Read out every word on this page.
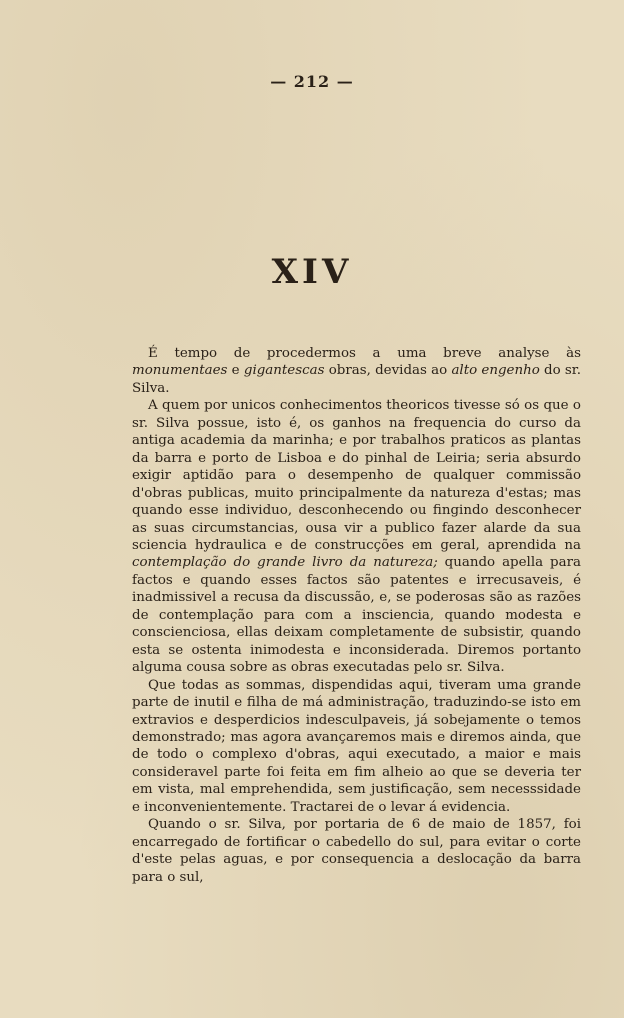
— 212 —
XIV

É tempo de procedermos a uma breve analyse às monumentaes e gigantescas obras, devidas ao alto engenho do sr. Silva.

A quem por unicos conhecimentos theoricos tivesse só os que o sr. Silva possue, isto é, os ganhos na frequencia do curso da antiga academia da marinha; e por trabalhos praticos as plantas da barra e porto de Lisboa e do pinhal de Leiria; seria absurdo exigir aptidão para o desempenho de qualquer commissão d'obras publicas, muito principalmente da natureza d'estas; mas quando esse individuo, desconhecendo ou fingindo desconhecer as suas circumstancias, ousa vir a publico fazer alarde da sua sciencia hydraulica e de construcções em geral, aprendida na contemplação do grande livro da natureza; quando apella para factos e quando esses factos são patentes e irrecusaveis, é inadmissivel a recusa da discussão, e, se poderosas são as razões de contemplação para com a insciencia, quando modesta e conscienciosa, ellas deixam completamente de subsistir, quando esta se ostenta inimodesta e inconsiderada. Diremos portanto alguma cousa sobre as obras executadas pelo sr. Silva.

Que todas as sommas, dispendidas aqui, tiveram uma grande parte de inutil e filha de má administração, traduzindo-se isto em extravios e desperdicios indesculpaveis, já sobejamente o temos demonstrado; mas agora avançaremos mais e diremos ainda, que de todo o complexo d'obras, aqui executado, a maior e mais consideravel parte foi feita em fim alheio ao que se deveria ter em vista, mal emprehendida, sem justificação, sem necesssidade e inconvenientemente. Tractarei de o levar á evidencia.

Quando o sr. Silva, por portaria de 6 de maio de 1857, foi encarregado de fortificar o cabedello do sul, para evitar o corte d'este pelas aguas, e por consequencia a deslocação da barra para o sul,
